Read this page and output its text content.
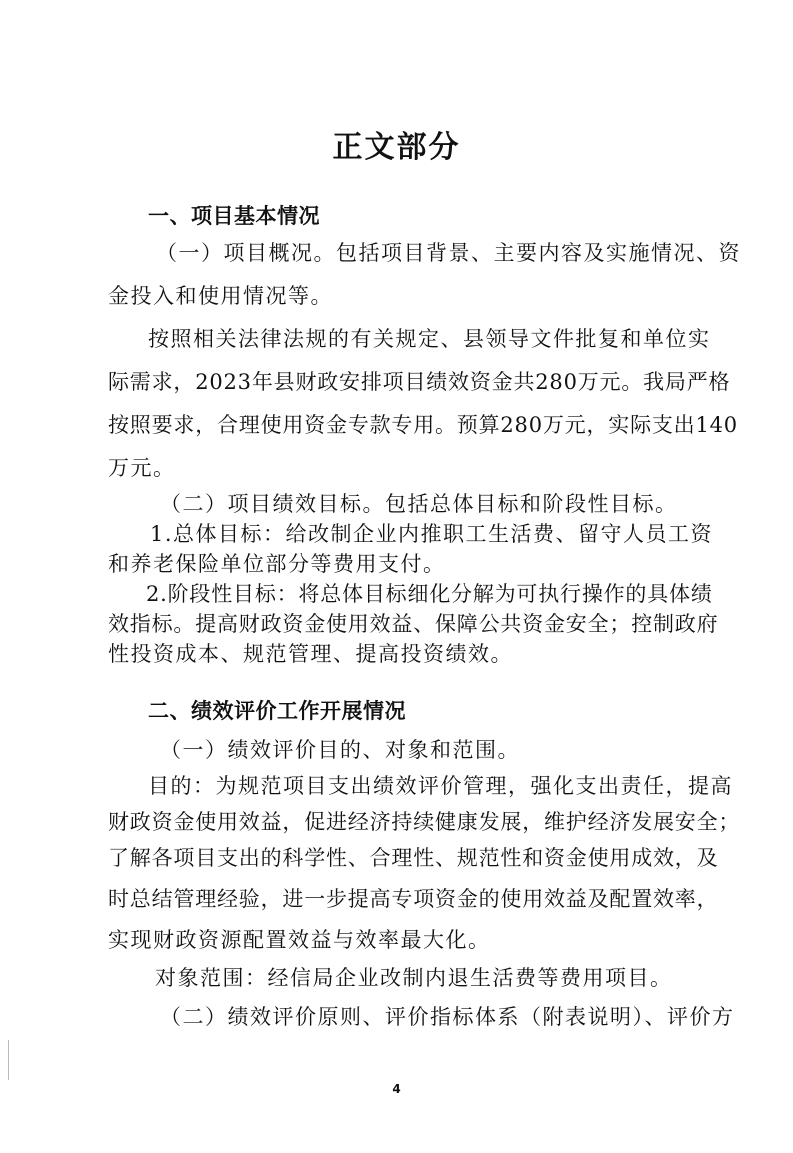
正文部分
一、项目基本情况
（一）项目概况。包括项目背景、主要内容及实施情况、资
金投入和使用情况等。
按照相关法律法规的有关规定、县领导文件批复和单位实
际需求，2023年县财政安排项目绩效资金共280万元。我局严格
按照要求，合理使用资金专款专用。预算280万元，实际支出140
万元。
（二）项目绩效目标。包括总体目标和阶段性目标。
1.总体目标：给改制企业内推职工生活费、留守人员工资
和养老保险单位部分等费用支付。
2.阶段性目标：将总体目标细化分解为可执行操作的具体绩
效指标。提高财政资金使用效益、保障公共资金安全；控制政府
性投资成本、规范管理、提高投资绩效。
二、绩效评价工作开展情况
（一）绩效评价目的、对象和范围。
目的：为规范项目支出绩效评价管理，强化支出责任，提高
财政资金使用效益，促进经济持续健康发展，维护经济发展安全；
了解各项目支出的科学性、合理性、规范性和资金使用成效，及
时总结管理经验，进一步提高专项资金的使用效益及配置效率，
实现财政资源配置效益与效率最大化。
对象范围：经信局企业改制内退生活费等费用项目。
（二）绩效评价原则、评价指标体系（附表说明）、评价方
4
